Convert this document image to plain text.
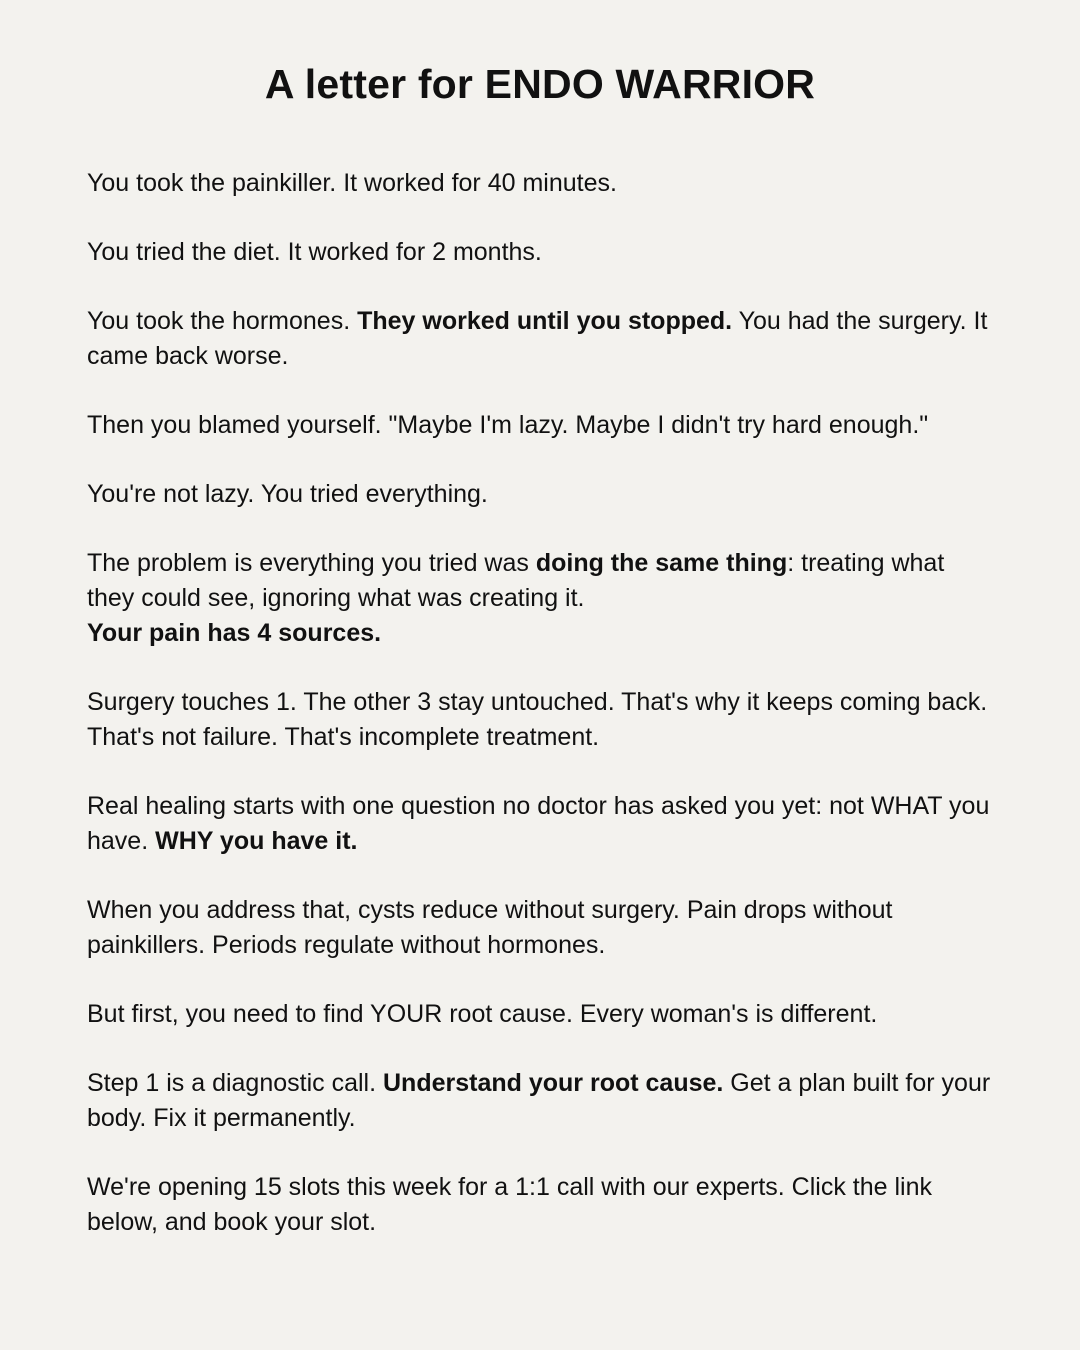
A letter for ENDO WARRIOR

You took the painkiller. It worked for 40 minutes.

You tried the diet. It worked for 2 months.

You took the hormones. They worked until you stopped. You had the surgery. It came back worse.

Then you blamed yourself. "Maybe I'm lazy. Maybe I didn't try hard enough."

You're not lazy. You tried everything.

The problem is everything you tried was doing the same thing: treating what they could see, ignoring what was creating it.

Your pain has 4 sources.

Surgery touches 1. The other 3 stay untouched. That's why it keeps coming back. That's not failure. That's incomplete treatment.

Real healing starts with one question no doctor has asked you yet: not WHAT you have. WHY you have it.

When you address that, cysts reduce without surgery. Pain drops without painkillers. Periods regulate without hormones.

But first, you need to find YOUR root cause. Every woman's is different.

Step 1 is a diagnostic call. Understand your root cause. Get a plan built for your body. Fix it permanently.

We're opening 15 slots this week for a 1:1 call with our experts. Click the link below, and book your slot.
